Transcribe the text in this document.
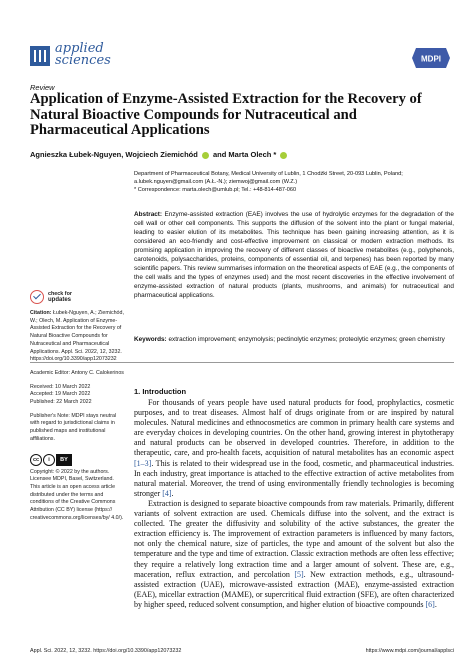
applied
sciences	MDPI
Review
Application of Enzyme-Assisted Extraction for the Recovery of Natural Bioactive Compounds for Nutraceutical and Pharmaceutical Applications
Agnieszka Łubek-Nguyen, Wojciech Ziemichód and Marta Olech *
Department of Pharmaceutical Botany, Medical University of Lublin, 1 Chodźki Street, 20-093 Lublin, Poland;
a.lubek.nguyen@gmail.com (A.Ł.-N.); ziemwoj@gmail.com (W.Z.)
* Correspondence: marta.olech@umlub.pl; Tel.: +48-814-487-060
Abstract: Enzyme-assisted extraction (EAE) involves the use of hydrolytic enzymes for the degradation of the cell wall or other cell components. This supports the diffusion of the solvent into the plant or fungal material, leading to easier elution of its metabolites. This technique has been gaining increasing attention, as it is considered an eco-friendly and cost-effective improvement on classical or modern extraction methods. Its promising application in improving the recovery of different classes of bioactive metabolites (e.g., polyphenols, carotenoids, polysaccharides, proteins, components of essential oil, and terpenes) has been reported by many scientific papers. This review summarises information on the theoretical aspects of EAE (e.g., the components of the cell walls and the types of enzymes used) and the most recent discoveries in the effective involvement of enzyme-assisted extraction of natural products (plants, mushrooms, and animals) for nutraceutical and pharmaceutical applications.
Keywords: extraction improvement; enzymolysis; pectinolytic enzymes; proteolytic enzymes; green chemistry
check for
updates
Citation: Łubek-Nguyen, A.; Ziemichód, W.; Olech, M. Application of Enzyme-Assisted Extraction for the Recovery of Natural Bioactive Compounds for Nutraceutical and Pharmaceutical Applications. Appl. Sci. 2022, 12, 3232. https://doi.org/10.3390/app12073232
Academic Editor: Antony C. Calokerinos
Received: 10 March 2022
Accepted: 19 March 2022
Published: 22 March 2022
Publisher's Note: MDPI stays neutral with regard to jurisdictional claims in published maps and institutional affiliations.
cc	i	BY
Copyright: © 2022 by the authors. Licensee MDPI, Basel, Switzerland. This article is an open access article distributed under the terms and conditions of the Creative Commons Attribution (CC BY) license (https:// creativecommons.org/licenses/by/ 4.0/).
1. Introduction

For thousands of years people have used natural products for food, prophylactics, cosmetic purposes, and to treat diseases. Almost half of drugs originate from or are inspired by natural molecules. Natural medicines and ethnocosmetics are common in primary health care systems and are everyday choices in developing countries. On the other hand, growing interest in phytotherapy and natural products can be observed in developed countries. Therefore, in addition to the therapeutic, care, and pro-health facets, acquisition of natural metabolites has an economic aspect [1–3]. This is related to their widespread use in the food, cosmetic, and pharmaceutical industries. In each industry, great importance is attached to the effective extraction of active metabolites from natural material. Moreover, the trend of using environmentally friendly technologies is becoming stronger [4].

Extraction is designed to separate bioactive compounds from raw materials. Primarily, different variants of solvent extraction are used. Chemicals diffuse into the solvent, and the extract is collected. The greater the diffusivity and solubility of the active substances, the greater the extraction efficiency is. The improvement of extraction parameters is influenced by many factors, not only the chemical nature, size of particles, the type and amount of the solvent but also the temperature and the type and time of extraction. Classic extraction methods are often less effective; they require a relatively long extraction time and a larger amount of solvent. These are, e.g., maceration, reflux extraction, and percolation [5]. New extraction methods, e.g., ultrasound-assisted extraction (UAE), microwave-assisted extraction (MAE), enzyme-assisted extraction (EAE), micellar extraction (MAME), or supercritical fluid extraction (SFE), are often characterized by higher speed, reduced solvent consumption, and higher elution of bioactive compounds [6].

Appl. Sci. 2022, 12, 3232. https://doi.org/10.3390/app12073232	https://www.mdpi.com/journal/applsci
